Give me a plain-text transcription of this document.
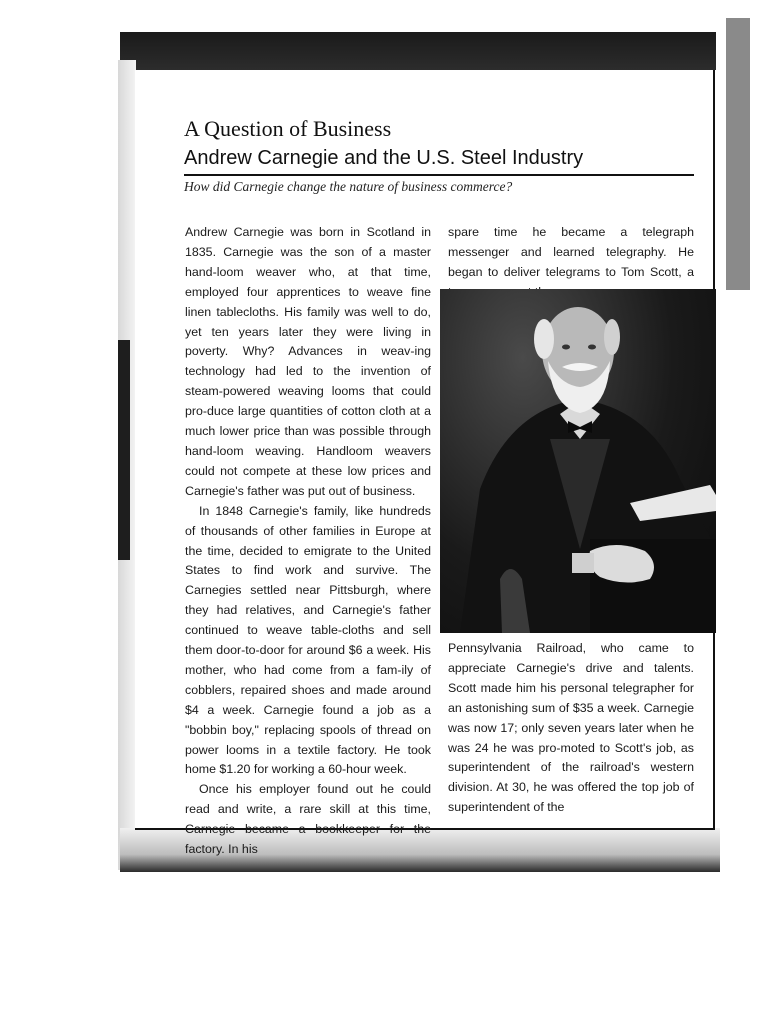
A Question of Business
Andrew Carnegie and the U.S. Steel Industry
How did Carnegie change the nature of business commerce?

Andrew Carnegie was born in Scotland in 1835. Carnegie was the son of a master hand-loom weaver who, at that time, employed four apprentices to weave fine linen tablecloths. His family was well to do, yet ten years later they were living in poverty. Why? Advances in weav-ing technology had led to the invention of steam-powered weaving looms that could pro-duce large quantities of cotton cloth at a much lower price than was possible through hand-loom weaving. Handloom weavers could not compete at these low prices and Carnegie's father was put out of business.

In 1848 Carnegie's family, like hundreds of thousands of other families in Europe at the time, decided to emigrate to the United States to find work and survive. The Carnegies settled near Pittsburgh, where they had relatives, and Carnegie's father continued to weave table-cloths and sell them door-to-door for around $6 a week. His mother, who had come from a fam-ily of cobblers, repaired shoes and made around $4 a week. Carnegie found a job as a "bobbin boy," replacing spools of thread on power looms in a textile factory. He took home $1.20 for working a 60-hour week.

Once his employer found out he could read and write, a rare skill at this time, Carnegie became a bookkeeper for the factory. In his

spare time he became a telegraph messenger and learned telegraphy. He began to deliver telegrams to Tom Scott, a

Pennsylvania Railroad, who came to appreciate Carnegie's drive and talents. Scott made him his personal telegrapher for an astonishing sum of $35 a week. Carnegie was now 17; only seven years later when he was 24 he was pro-moted to Scott's job, as superintendent of the railroad's western division. At 30, he was offered the top job of superintendent of the
